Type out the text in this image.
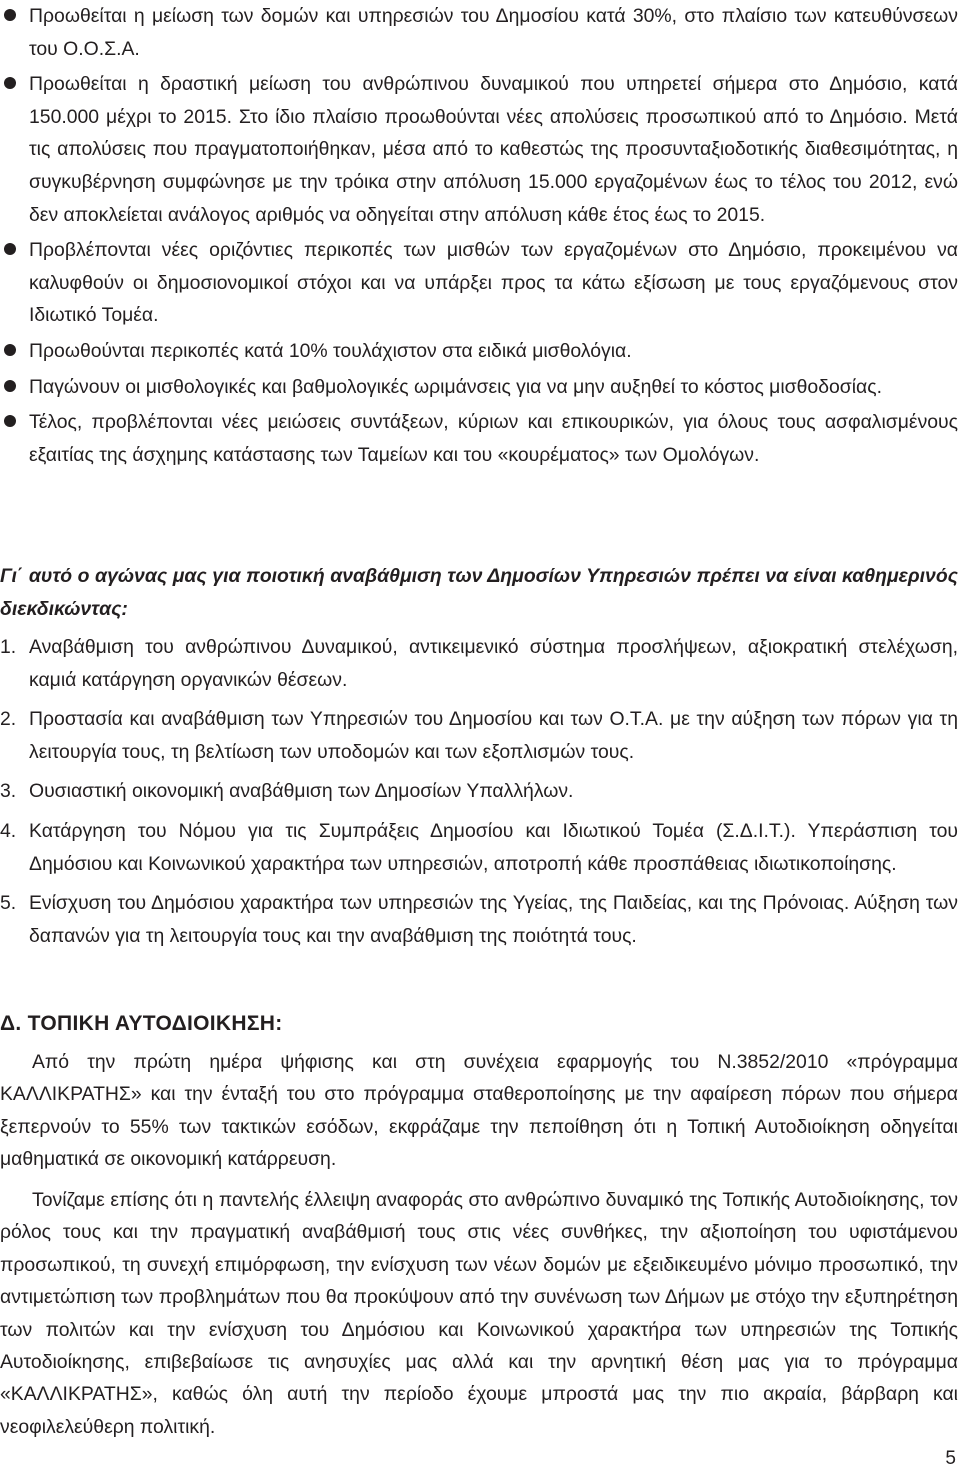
Προωθείται η μείωση των δομών και υπηρεσιών του Δημοσίου κατά 30%, στο πλαίσιο των κατευθύνσεων του Ο.Ο.Σ.Α.
Προωθείται η δραστική μείωση του ανθρώπινου δυναμικού που υπηρετεί σήμερα στο Δημόσιο, κατά 150.000 μέχρι το 2015. Στο ίδιο πλαίσιο προωθούνται νέες απολύσεις προσωπικού από το Δημόσιο. Μετά τις απολύσεις που πραγματοποιήθηκαν, μέσα από το καθεστώς της προσυνταξιοδοτικής διαθεσιμότητας, η συγκυβέρνηση συμφώνησε με την τρόικα στην απόλυση 15.000 εργαζομένων έως το τέλος του 2012, ενώ δεν αποκλείεται ανάλογος αριθμός να οδηγείται στην απόλυση κάθε έτος έως το 2015.
Προβλέπονται νέες οριζόντιες περικοπές των μισθών των εργαζομένων στο Δημόσιο, προκειμένου να καλυφθούν οι δημοσιονομικοί στόχοι και να υπάρξει προς τα κάτω εξίσωση με τους εργαζόμενους στον Ιδιωτικό Τομέα.
Προωθούνται περικοπές κατά 10% τουλάχιστον στα ειδικά μισθολόγια.
Παγώνουν οι μισθολογικές και βαθμολογικές ωριμάνσεις για να μην αυξηθεί το κόστος μισθοδοσίας.
Τέλος, προβλέπονται νέες μειώσεις συντάξεων, κύριων και επικουρικών, για όλους τους ασφαλισμένους εξαιτίας της άσχημης κατάστασης των Ταμείων και του «κουρέματος» των Ομολόγων.
Γι΄ αυτό ο αγώνας μας για ποιοτική αναβάθμιση των Δημοσίων Υπηρεσιών πρέπει να είναι καθημερινός διεκδικώντας:
1. Αναβάθμιση του ανθρώπινου Δυναμικού, αντικειμενικό σύστημα προσλήψεων, αξιοκρατική στελέχωση, καμιά κατάργηση οργανικών θέσεων.
2. Προστασία και αναβάθμιση των Υπηρεσιών του Δημοσίου και των Ο.Τ.Α. με την αύξηση των πόρων για τη λειτουργία τους, τη βελτίωση των υποδομών και των εξοπλισμών τους.
3. Ουσιαστική οικονομική αναβάθμιση των Δημοσίων Υπαλλήλων.
4. Κατάργηση του Νόμου για τις Συμπράξεις Δημοσίου και Ιδιωτικού Τομέα (Σ.Δ.Ι.Τ.). Υπεράσπιση του Δημόσιου και Κοινωνικού χαρακτήρα των υπηρεσιών, αποτροπή κάθε προσπάθειας ιδιωτικοποίησης.
5. Ενίσχυση του Δημόσιου χαρακτήρα των υπηρεσιών της Υγείας, της Παιδείας, και της Πρόνοιας. Αύξηση των δαπανών για τη λειτουργία τους και την αναβάθμιση της ποιότητά τους.
Δ. ΤΟΠΙΚΗ ΑΥΤΟΔΙΟΙΚΗΣΗ:

Από την πρώτη ημέρα ψήφισης και στη συνέχεια εφαρμογής του Ν.3852/2010 «πρόγραμμα ΚΑΛΛΙΚΡΑΤΗΣ» και την ένταξή του στο πρόγραμμα σταθεροποίησης με την αφαίρεση πόρων που σήμερα ξεπερνούν το 55% των τακτικών εσόδων, εκφράζαμε την πεποίθηση ότι η Τοπική Αυτοδιοίκηση οδηγείται μαθηματικά σε οικονομική κατάρρευση.

Τονίζαμε επίσης ότι η παντελής έλλειψη αναφοράς στο ανθρώπινο δυναμικό της Τοπικής Αυτοδιοίκησης, τον ρόλος τους και την πραγματική αναβάθμισή τους στις νέες συνθήκες, την αξιοποίηση του υφιστάμενου προσωπικού, τη συνεχή επιμόρφωση, την ενίσχυση των νέων δομών με εξειδικευμένο μόνιμο προσωπικό, την αντιμετώπιση των προβλημάτων που θα προκύψουν από την συνένωση των Δήμων με στόχο την εξυπηρέτηση των πολιτών και την ενίσχυση του Δημόσιου και Κοινωνικού χαρακτήρα των υπηρεσιών της Τοπικής Αυτοδιοίκησης, επιβεβαίωσε τις ανησυχίες μας αλλά και την αρνητική θέση μας για το πρόγραμμα «ΚΑΛΛΙΚΡΑΤΗΣ», καθώς όλη αυτή την περίοδο έχουμε μπροστά μας την πιο ακραία, βάρβαρη και νεοφιλελεύθερη πολιτική.

5
